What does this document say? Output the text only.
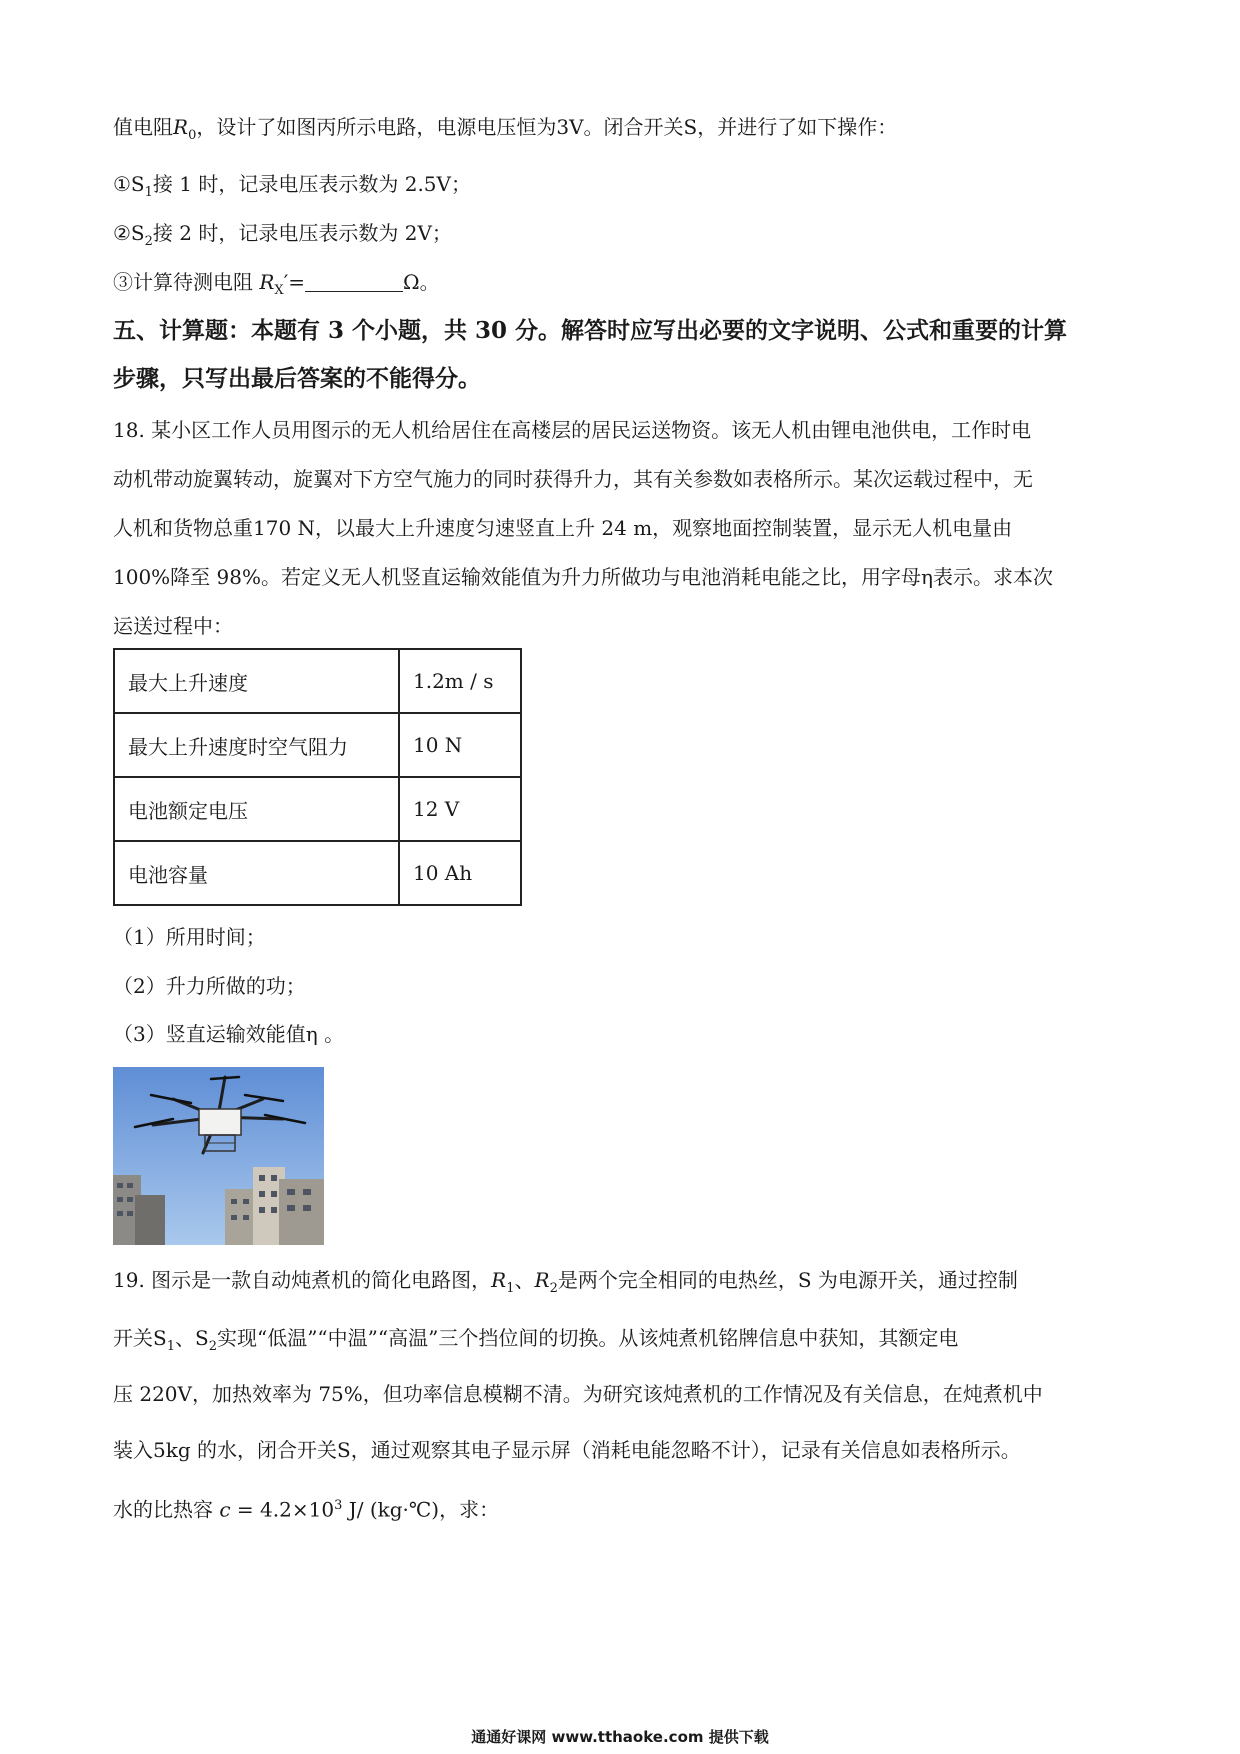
值电阻$R_0$，设计了如图丙所示电路，电源电压恒为3V。闭合开关S，并进行了如下操作：
$①S_1$接 1 时，记录电压表示数为 2.5V；
$②S_2$接 2 时，记录电压表示数为 2V；
③计算待测电阻 $R_X'=$	Ω。
五、计算题：本题有 3 个小题，共 30 分。解答时应写出必要的文字说明、公式和重要的计算
步骤，只写出最后答案的不能得分。
18. 某小区工作人员用图示的无人机给居住在高楼层的居民运送物资。该无人机由锂电池供电，工作时电
动机带动旋翼转动，旋翼对下方空气施力的同时获得升力，其有关参数如表格所示。某次运载过程中，无
人机和货物总重170 N，以最大上升速度匀速竖直上升 24 m，观察地面控制装置，显示无人机电量由
100%降至 98%。若定义无人机竖直运输效能值为升力所做功与电池消耗电能之比，用字母η表示。求本次
运送过程中：
最大上升速度	1.2m / s
最大上升速度时空气阻力	10 N
电池额定电压	12 V
电池容量	10 Ah
（1）所用时间；
（2）升力所做的功；
（3）竖直运输效能值η 。
19. 图示是一款自动炖煮机的简化电路图，$R_1$、$R_2$是两个完全相同的电热丝，S 为电源开关，通过控制
开关$S_1$、$S_2$实现“低温”“中温”“高温”三个挡位间的切换。从该炖煮机铭牌信息中获知，其额定电
压 220V，加热效率为 75%，但功率信息模糊不清。为研究该炖煮机的工作情况及有关信息，在炖煮机中
装入5kg 的水，闭合开关S，通过观察其电子显示屏（消耗电能忽略不计），记录有关信息如表格所示。
水的比热容 $c = 4.2\times 10^3$ J/ (kg·℃)，求：
通通好课网 www.tthaoke.com 提供下载
